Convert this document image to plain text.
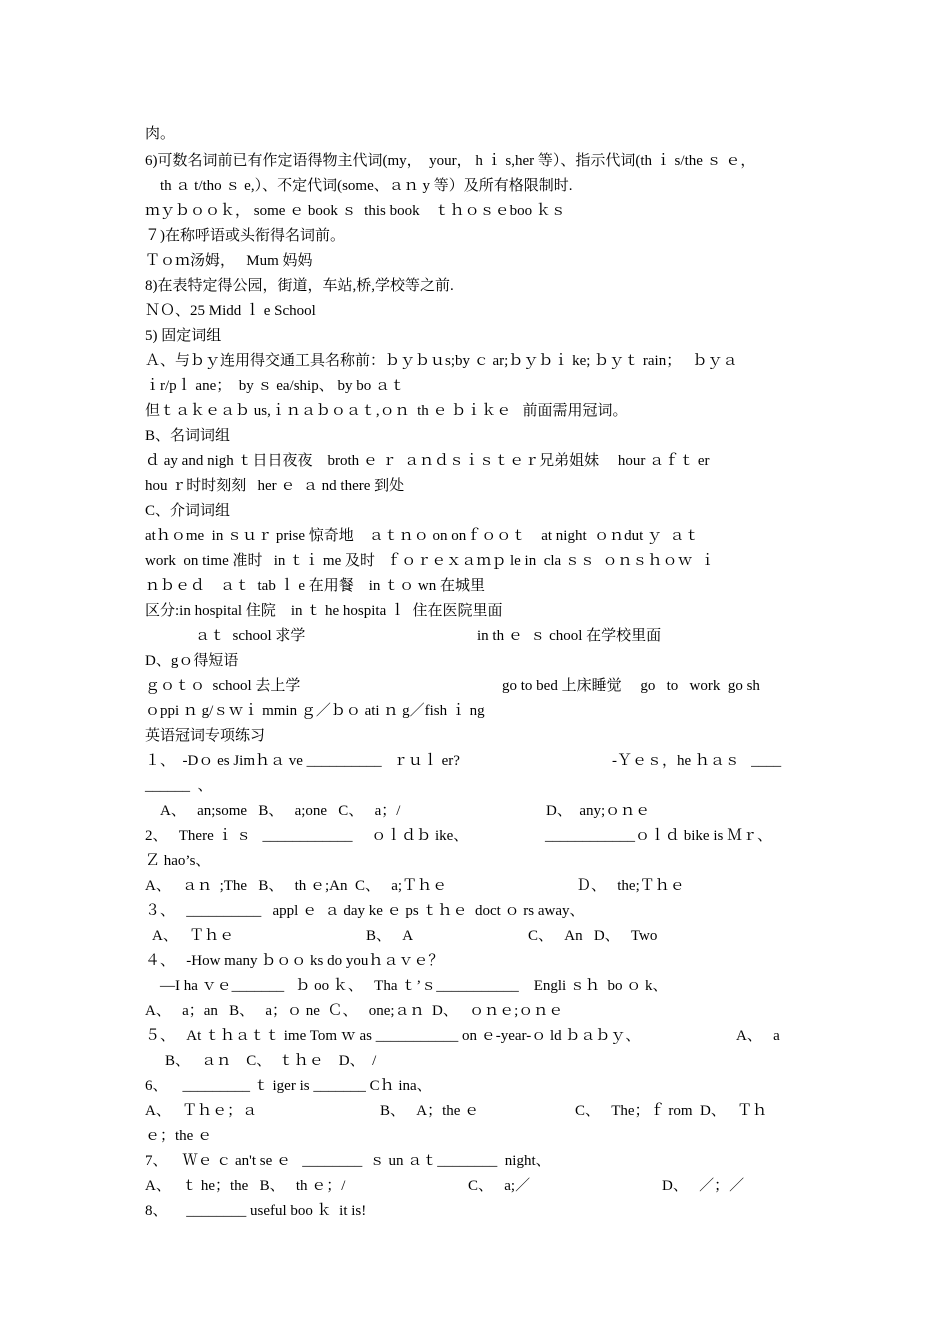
肉。
6)可数名词前已有作定语得物主代词(my，  your， h ｉ s,her 等）、指示代词(th ｉ s/the ｓ ｅ，
th ａ t/tho ｓ e,）、不定代词(some、ａｎ y 等）及所有格限制时.
ｍｙｂｏｏｋ， some ｅ book ｓ  this book    ｔｈｏｓｅboo ｋｓ
７)在称呼语或头衔得名词前。
Ｔｏｍ汤姆，   Mum 妈妈
8)在表特定得公园，街道，车站,桥,学校等之前.
ＮＯ、25 Midd ｌ e School
5) 固定词组
Ａ、与ｂｙ连用得交通工具名称前：ｂｙｂｕs;by ｃ ar;ｂｙｂｉ ke; ｂｙｔ rain；   ｂｙａ
ｉr/pｌ ane；  by ｓ ea/ship、 by bo ａｔ
但ｔａｋｅａｂ us,ｉｎａｂｏａｔ,ｏｎ  th ｅ ｂｉｋｅ   前面需用冠词。
B、名词词组
ｄ ay and nigh ｔ日日夜夜    broth ｅ ｒ  ａｎｄｓｉｓｔｅｒ兄弟姐妹     hour ａｆｔ er
hou ｒ时时刻刻   her ｅ  ａ nd there 到处
C、介词词组
atｈｏme  in ｓｕｒ prise 惊奇地    ａｔｎｏ on onｆｏｏｔ    at night  ｏｎdut ｙ  ａｔ
work  on time 准时   in ｔｉ me 及时   ｆｏｒｅｘａｍｐ le in  cla ｓｓ  ｏｎｓｈｏｗ  ｉ
ｎｂｅｄ    ａｔ  tab ｌ e 在用餐    in ｔｏ wn 在城里
区分:in hospital 住院    in ｔ he hospita ｌ  住在医院里面
ａｔ  school 求学	in th ｅ  ｓ chool 在学校里面
D、gｏ得短语
ｇｏｔｏ  school 去上学	go to bed 上床睡觉     go   to   work  go sh
ｏppi ｎ g/ｓｗｉ mmin ｇ／ｂｏ ati ｎ g／fish ｉ ng
英语冠词专项练习
１、  -Dｏ es Jimｈａ ve __________   ｒｕｌ er?	-Ｙｅｓ，he ｈａｓ   ____
______  、
A、   an;some   B、   a;one   C、   a；/	D、  any;ｏｎｅ
2、   There ｉ ｓ   ____________     ｏｌｄｂ ike、	____________ｏｌｄ bike is Ｍｒ、
Ｚ hao’s、
A、   ａｎ  ;The   B、   th ｅ;An  C、   a;Ｔｈｅ	Ｄ、   the;Ｔｈｅ
３、   __________   appl ｅ  ａ day ke ｅ ps ｔｈｅ  doct ｏ rs away、
A、   Ｔｈｅ	B、   A	C、   An   D、   Two
４、   -How many ｂｏｏ ks do youｈａｖｅ？
—I ha ｖｅ_______   ｂ oo ｋ、   Tha ｔ’ｓ___________    Engli ｓｈ  bo ｏ k、
A、   a；an   B、   a；ｏ ne  Ｃ、   one;ａｎ  D、   ｏｎｅ;ｏｎｅ
５、   At ｔｈａｔｔ ime Tom ｗ as ___________ on ｅ-year-ｏ ld ｂａｂｙ、	A、   a
B、   ａｎ    C、  ｔｈｅ    D、  /
6、    _________ ｔ iger is _______ Cｈ ina、
A、   Ｔｈｅ；ａ	B、   A；the ｅ	C、   The；ｆ rom  D、   Ｔｈ
ｅ；the ｅ
7、    Ｗｅ ｃ an't se ｅ   ________  ｓ un ａｔ________  night、
A、   ｔ he；the   B、   th ｅ；/	C、   a;／	D、   ／；／
8、     ________ useful boo ｋ  it is!
